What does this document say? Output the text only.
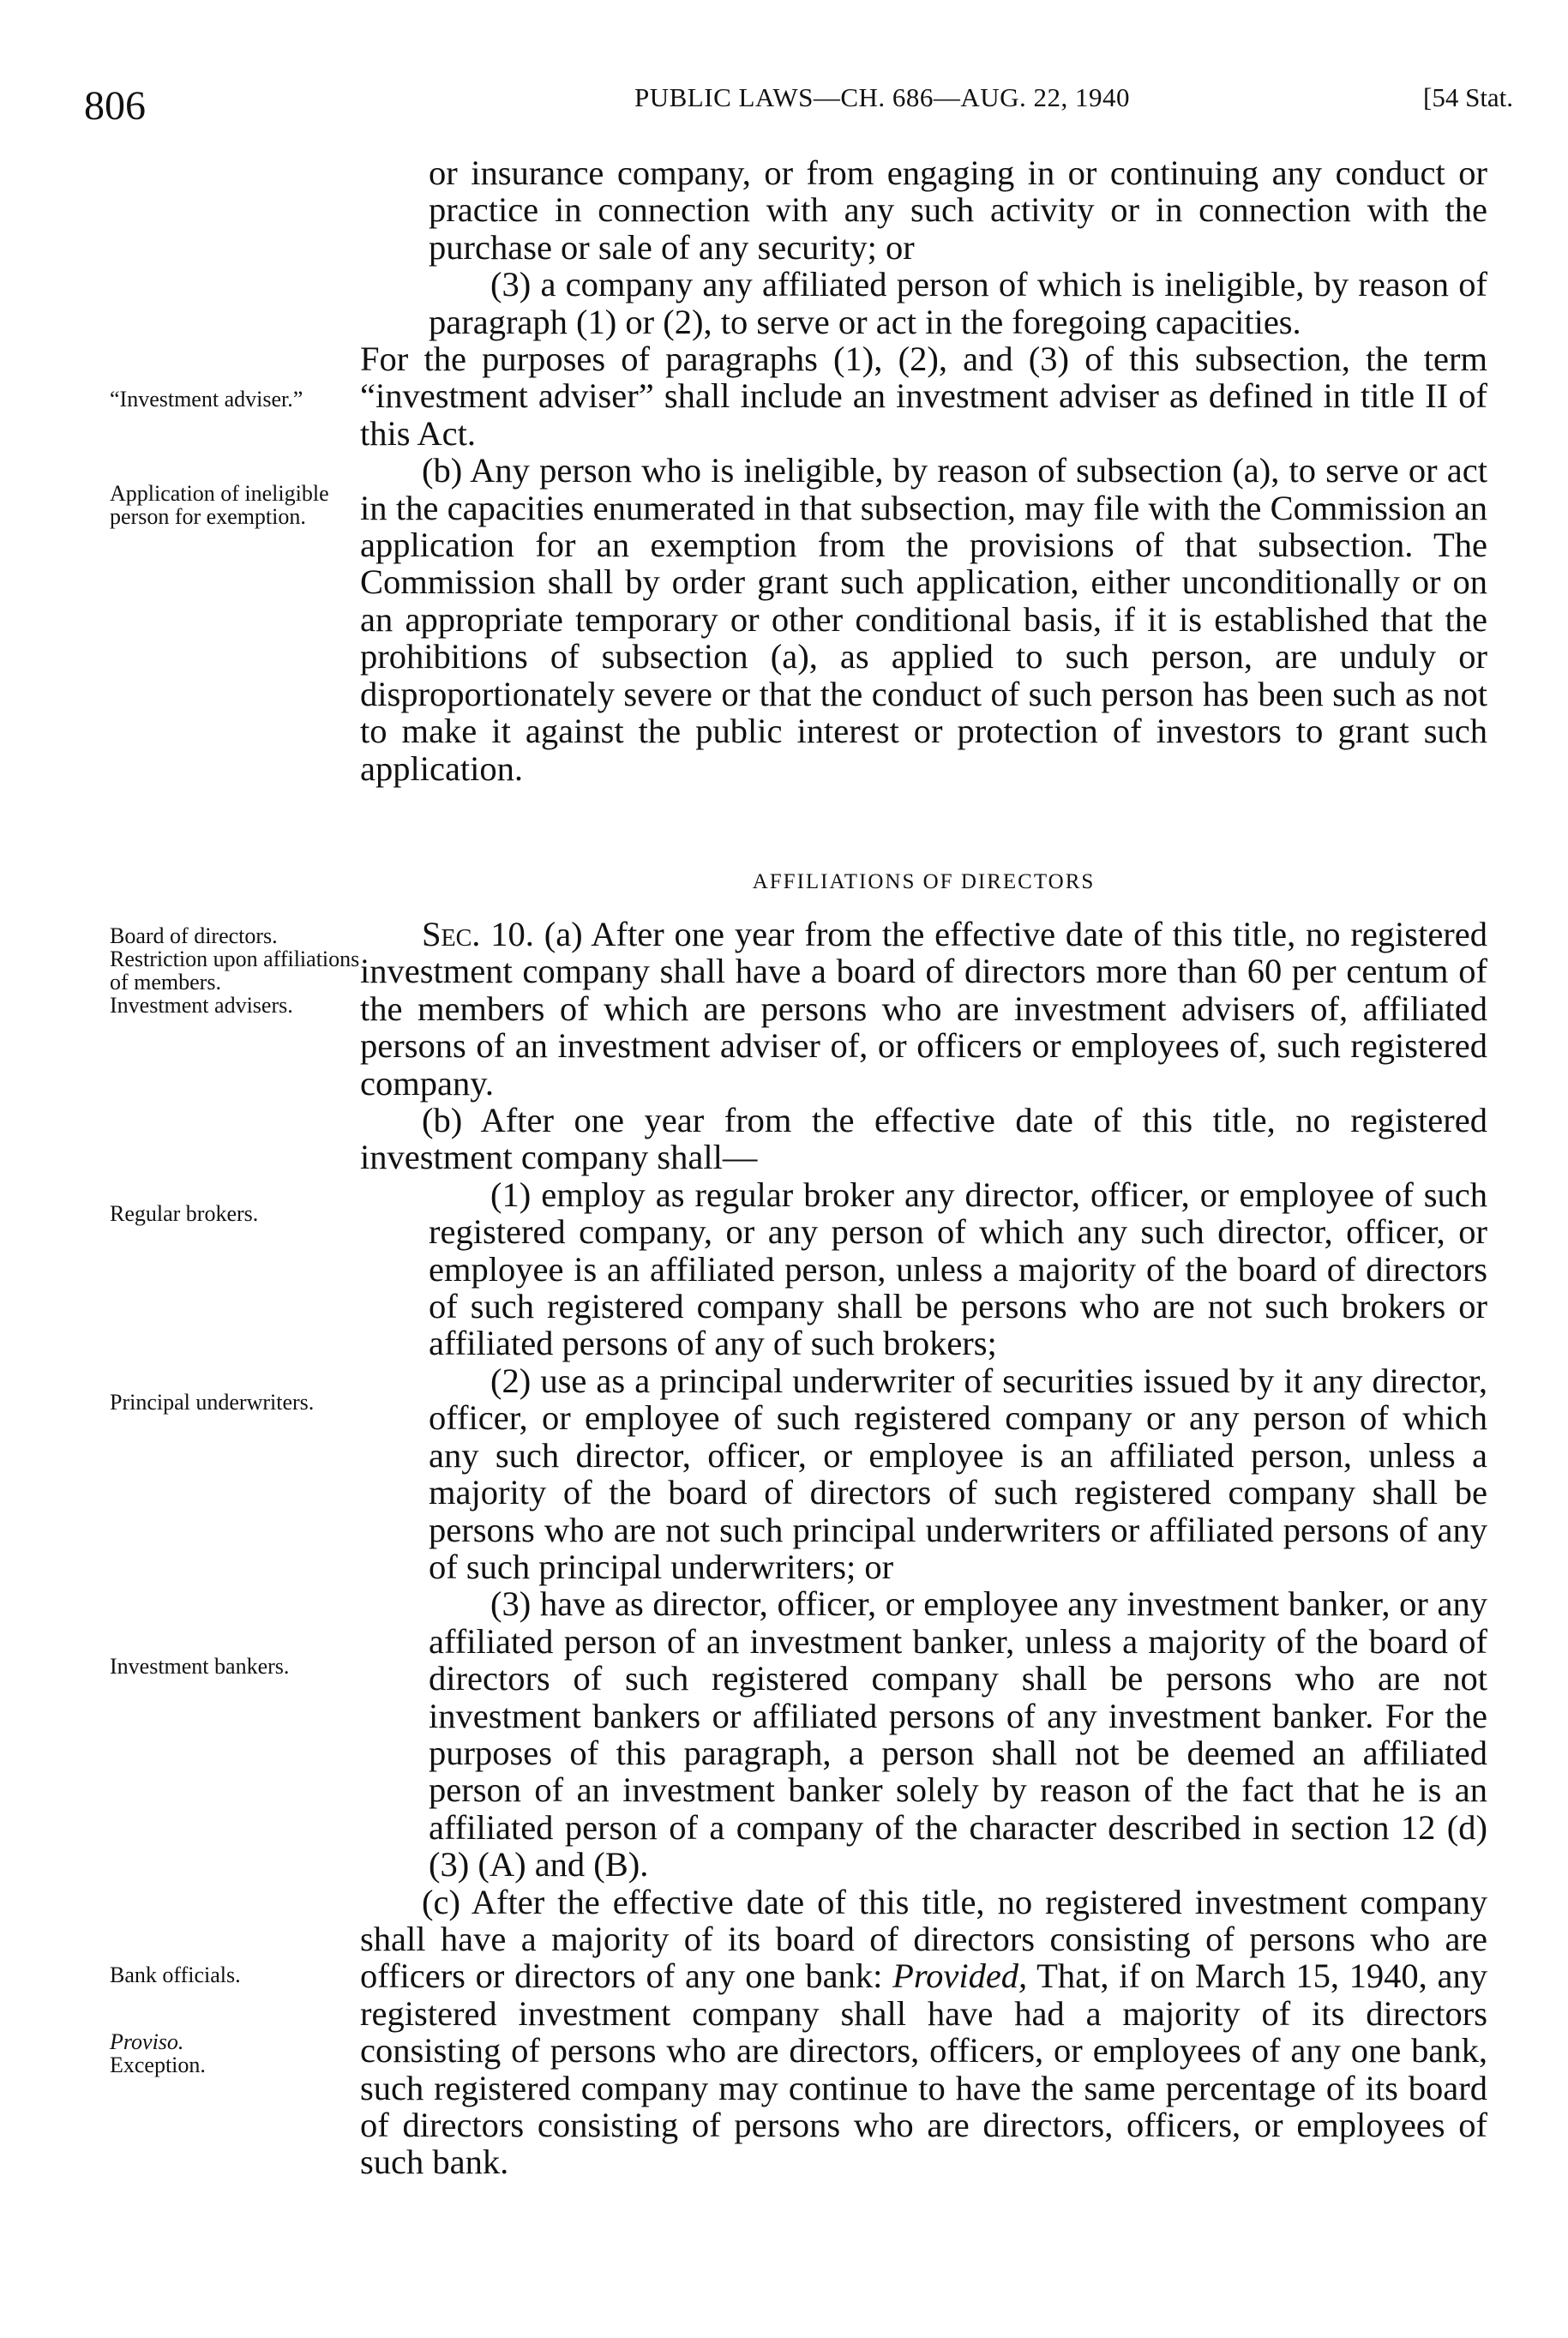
806	PUBLIC LAWS—CH. 686—AUG. 22, 1940	[54 Stat.
“Investment adviser.”
Application of ineligible person for exemption.
Board of directors.
Restriction upon affiliations of members.
Investment advisers.
Regular brokers.
Principal underwriters.
Investment bankers.
Bank officials.
Proviso.
Exception.

or insurance company, or from engaging in or continuing any conduct or practice in connection with any such activity or in connection with the purchase or sale of any security; or

(3) a company any affiliated person of which is ineligible, by reason of paragraph (1) or (2), to serve or act in the foregoing capacities.

For the purposes of paragraphs (1), (2), and (3) of this subsection, the term “investment adviser” shall include an investment adviser as defined in title II of this Act.

(b) Any person who is ineligible, by reason of subsection (a), to serve or act in the capacities enumerated in that subsection, may file with the Commission an application for an exemption from the provisions of that subsection. The Commission shall by order grant such application, either unconditionally or on an appropriate temporary or other conditional basis, if it is established that the prohibitions of subsection (a), as applied to such person, are unduly or disproportionately severe or that the conduct of such person has been such as not to make it against the public interest or protection of investors to grant such application.

AFFILIATIONS OF DIRECTORS

Sec. 10. (a) After one year from the effective date of this title, no registered investment company shall have a board of directors more than 60 per centum of the members of which are persons who are investment advisers of, affiliated persons of an investment adviser of, or officers or employees of, such registered company.

(b) After one year from the effective date of this title, no registered investment company shall—

(1) employ as regular broker any director, officer, or employee of such registered company, or any person of which any such director, officer, or employee is an affiliated person, unless a majority of the board of directors of such registered company shall be persons who are not such brokers or affiliated persons of any of such brokers;

(2) use as a principal underwriter of securities issued by it any director, officer, or employee of such registered company or any person of which any such director, officer, or employee is an affiliated person, unless a majority of the board of directors of such registered company shall be persons who are not such principal underwriters or affiliated persons of any of such principal underwriters; or

(3) have as director, officer, or employee any investment banker, or any affiliated person of an investment banker, unless a majority of the board of directors of such registered company shall be persons who are not investment bankers or affiliated persons of any investment banker. For the purposes of this paragraph, a person shall not be deemed an affiliated person of an investment banker solely by reason of the fact that he is an affiliated person of a company of the character described in section 12 (d) (3) (A) and (B).

(c) After the effective date of this title, no registered investment company shall have a majority of its board of directors consisting of persons who are officers or directors of any one bank: Provided, That, if on March 15, 1940, any registered investment company shall have had a majority of its directors consisting of persons who are directors, officers, or employees of any one bank, such registered company may continue to have the same percentage of its board of directors consisting of persons who are directors, officers, or employees of such bank.
